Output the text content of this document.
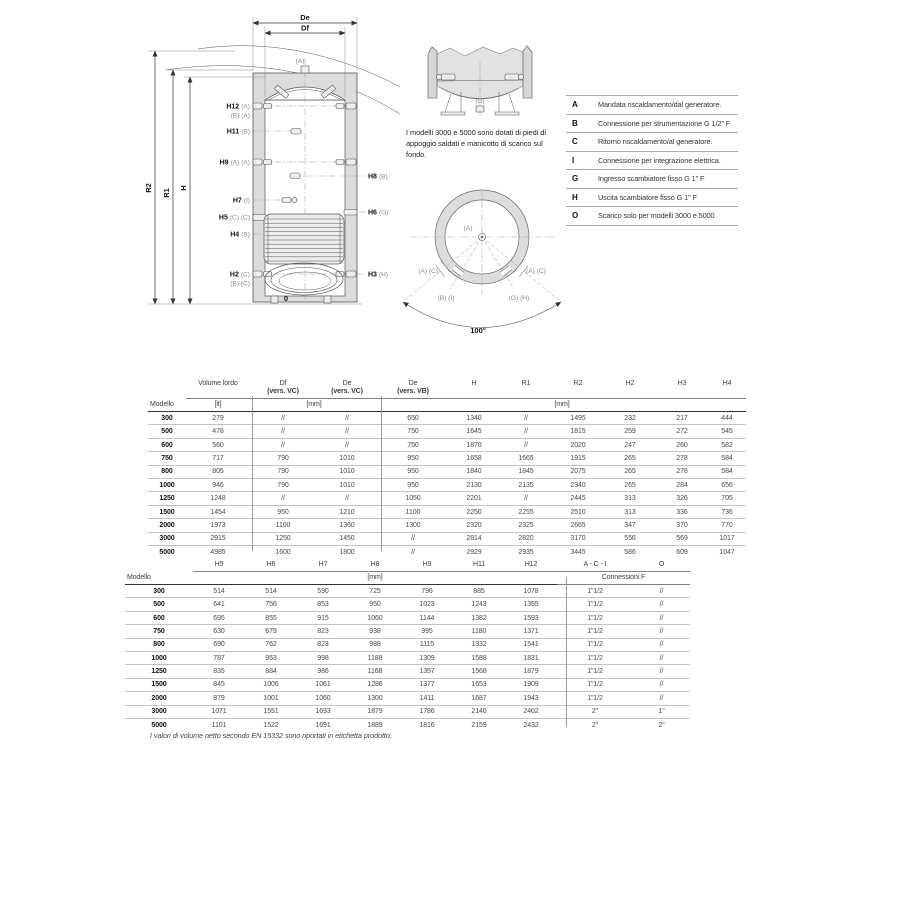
(A)
De
Df
R2
R1
H
0
H12 (A)
(B) (A)
H11 (B)
H9 (A) (A)
H7 (I)
H5 (C) (C)
H4 (B)
H2 (C)
(B) (C)
H8 (B)
H6 (G)
H3 (H)
(O)
I modelli 3000 e 5000 sono dotati di piedi di appoggio saldati e manicotto di scarico sul fondo.
(A)
(A) (C)	(A) (C)
(B) (I)	(G) (H)
100°
A	Mandata riscaldamento/dal generatore.
B	Connessione per strumentazione G 1/2" F
C	Ritorno riscaldamento/al generatore.
I	Connessione per integrazione elettrica.
G	Ingresso scambiatore fisso G 1" F
H	Uscita scambiatore fisso G 1" F
O	Scarico solo per modelli 3000 e 5000
Modello	Volume lordo	Df
(vers. VC)	De
(vers. VC)	De
(vers. VB)	H	R1	R2	H2	H3	H4
	[lt]	[mm]		[mm]						
300	279	//	//	650	1340	//	1495	232	217	444
500	478	//	//	750	1645	//	1815	259	272	545
600	560	//	//	750	1870	//	2020	247	260	582
750	717	790	1010	950	1658	1665	1915	265	278	584
800	805	790	1010	950	1840	1845	2075	265	278	584
1000	946	790	1010	950	2130	2135	2340	265	284	656
1250	1248	//	//	1050	2201	//	2445	313	326	705
1500	1454	950	1210	1100	2250	2255	2510	313	336	736
2000	1973	1100	1360	1300	2320	2325	2665	347	370	770
3000	2915	1250	1450	//	2814	2820	3170	556	569	1017
5000	4985	1600	1800	//	2929	2935	3445	586	609	1047
Modello	H5	H6	H7	H8	H9	H11	H12	A - C - I	O
	[mm]							Connessioni F	
300	514	514	590	725	796	885	1078	1"1/2	//
500	641	756	853	950	1023	1243	1355	1"1/2	//
600	695	855	915	1060	1144	1382	1593	1"1/2	//
750	630	679	823	938	995	1180	1371	1"1/2	//
800	690	762	823	988	1115	1332	1541	1"1/2	//
1000	787	953	998	1188	1309	1588	1831	1"1/2	//
1250	835	884	986	1168	1357	1568	1879	1"1/2	//
1500	845	1006	1061	1286	1377	1653	1909	1"1/2	//
2000	879	1001	1060	1300	1411	1687	1943	1"1/2	//
3000	1071	1551	1693	1879	1786	2140	2402	2"	1"
5000	1101	1522	1691	1889	1816	2159	2432	2"	2"
I valori di volume netto secondo EN 15332 sono riportati in etichetta prodotto.
